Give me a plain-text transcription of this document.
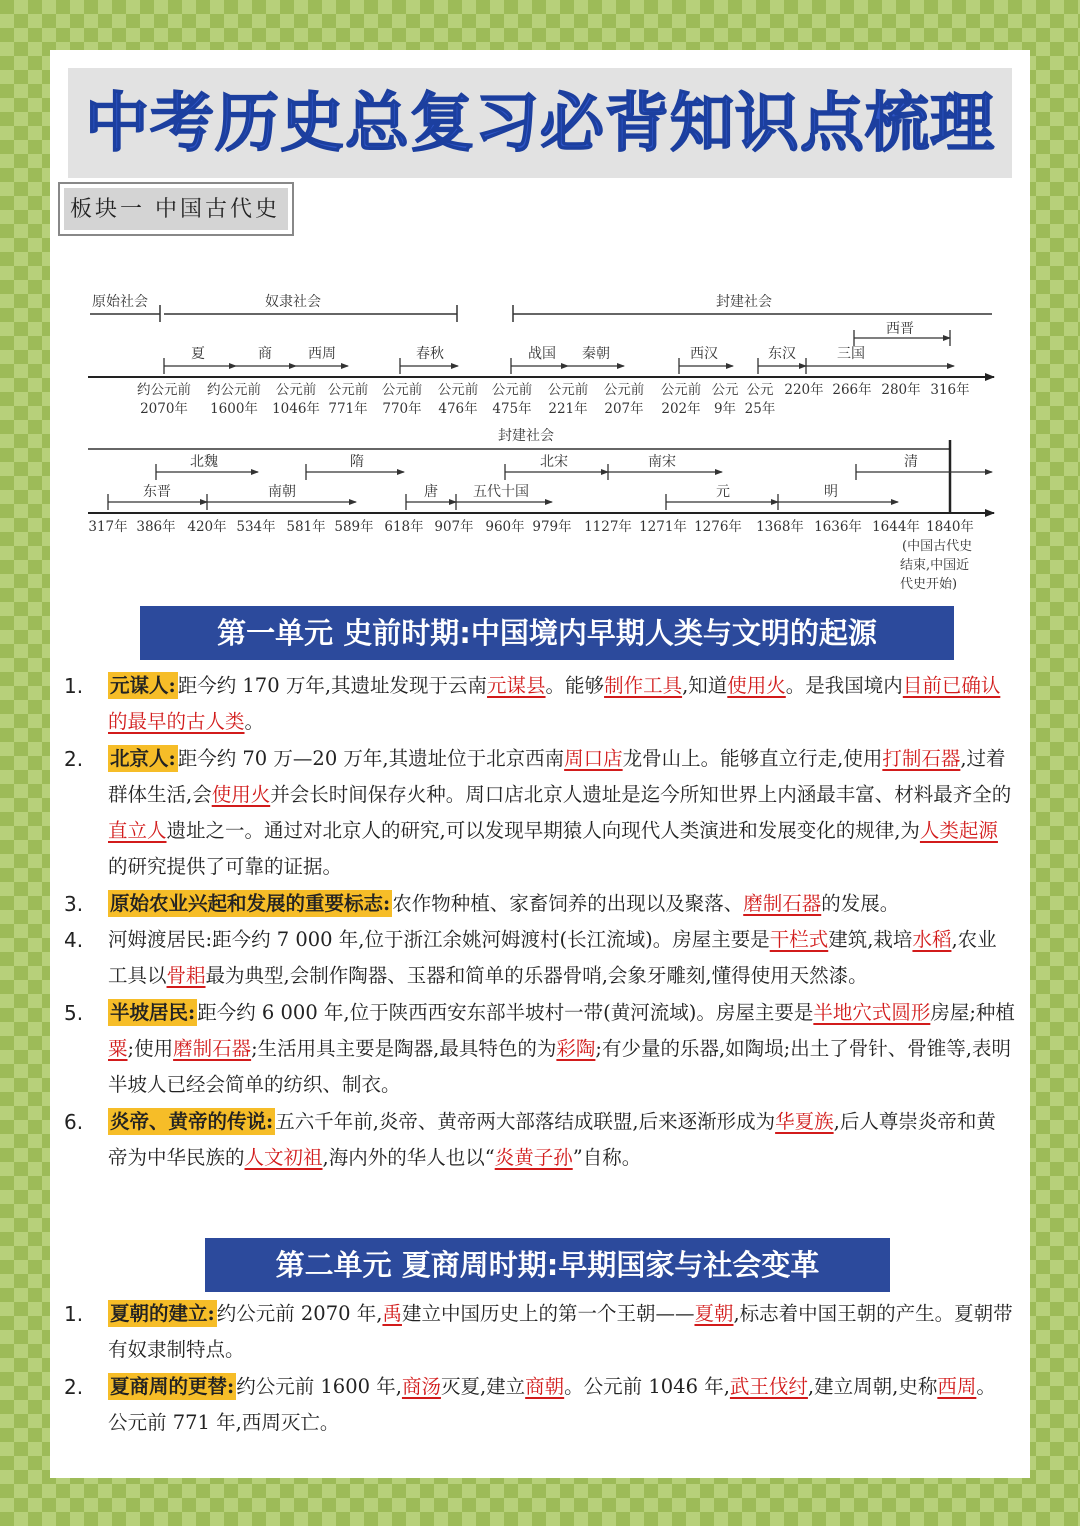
中考历史总复习必背知识点梳理
板块一 中国古代史
原始社会	奴隶社会	封建社会
夏	商	西周	春秋	战国 秦朝	西汉	东汉	三国
西晋
约公元前
2070年
约公元前
1600年
公元前
1046年
公元前
771年
公元前
770年
公元前
476年
公元前
475年
公元前
221年
公元前
207年
公元前
202年
公元
9年
公元
25年
220年 266年 280年 316年
封建社会
北魏	隋	北宋	南宋	清
东晋	南朝	唐	五代十国	元	明
317年 386年 420年 534年 581年 589年 618年 907年 960年 979年 1127年 1271年 1276年 1368年 1636年 1644年 1840年
(中国古代史
结束,中国近
代史开始)
第一单元 史前时期:中国境内早期人类与文明的起源
1. 元谋人: 距今约 170 万年,其遗址发现于云南元谋县。能够制作工具,知道使用火。是我国境内目前已确认的最早的古人类。
2. 北京人: 距今约 70 万—20 万年,其遗址位于北京西南周口店龙骨山上。能够直立行走,使用打制石器,过着群体生活,会使用火并会长时间保存火种。周口店北京人遗址是迄今所知世界上内涵最丰富、材料最齐全的直立人遗址之一。通过对北京人的研究,可以发现早期猿人向现代人类演进和发展变化的规律,为人类起源的研究提供了可靠的证据。
3. 原始农业兴起和发展的重要标志: 农作物种植、家畜饲养的出现以及聚落、磨制石器的发展。
4. 河姆渡居民:距今约 7 000 年,位于浙江余姚河姆渡村(长江流域)。房屋主要是干栏式建筑,栽培水稻,农业工具以骨耜最为典型,会制作陶器、玉器和简单的乐器骨哨,会象牙雕刻,懂得使用天然漆。
5. 半坡居民: 距今约 6 000 年,位于陕西西安东部半坡村一带(黄河流域)。房屋主要是半地穴式圆形房屋;种植粟;使用磨制石器;生活用具主要是陶器,最具特色的为彩陶;有少量的乐器,如陶埙;出土了骨针、骨锥等,表明半坡人已经会简单的纺织、制衣。
6. 炎帝、黄帝的传说: 五六千年前,炎帝、黄帝两大部落结成联盟,后来逐渐形成为华夏族,后人尊崇炎帝和黄帝为中华民族的人文初祖,海内外的华人也以“炎黄子孙”自称。
第二单元 夏商周时期:早期国家与社会变革
1. 夏朝的建立: 约公元前 2070 年,禹建立中国历史上的第一个王朝——夏朝,标志着中国王朝的产生。夏朝带有奴隶制特点。
2. 夏商周的更替: 约公元前 1600 年,商汤灭夏,建立商朝。公元前 1046 年,武王伐纣,建立周朝,史称西周。公元前 771 年,西周灭亡。
